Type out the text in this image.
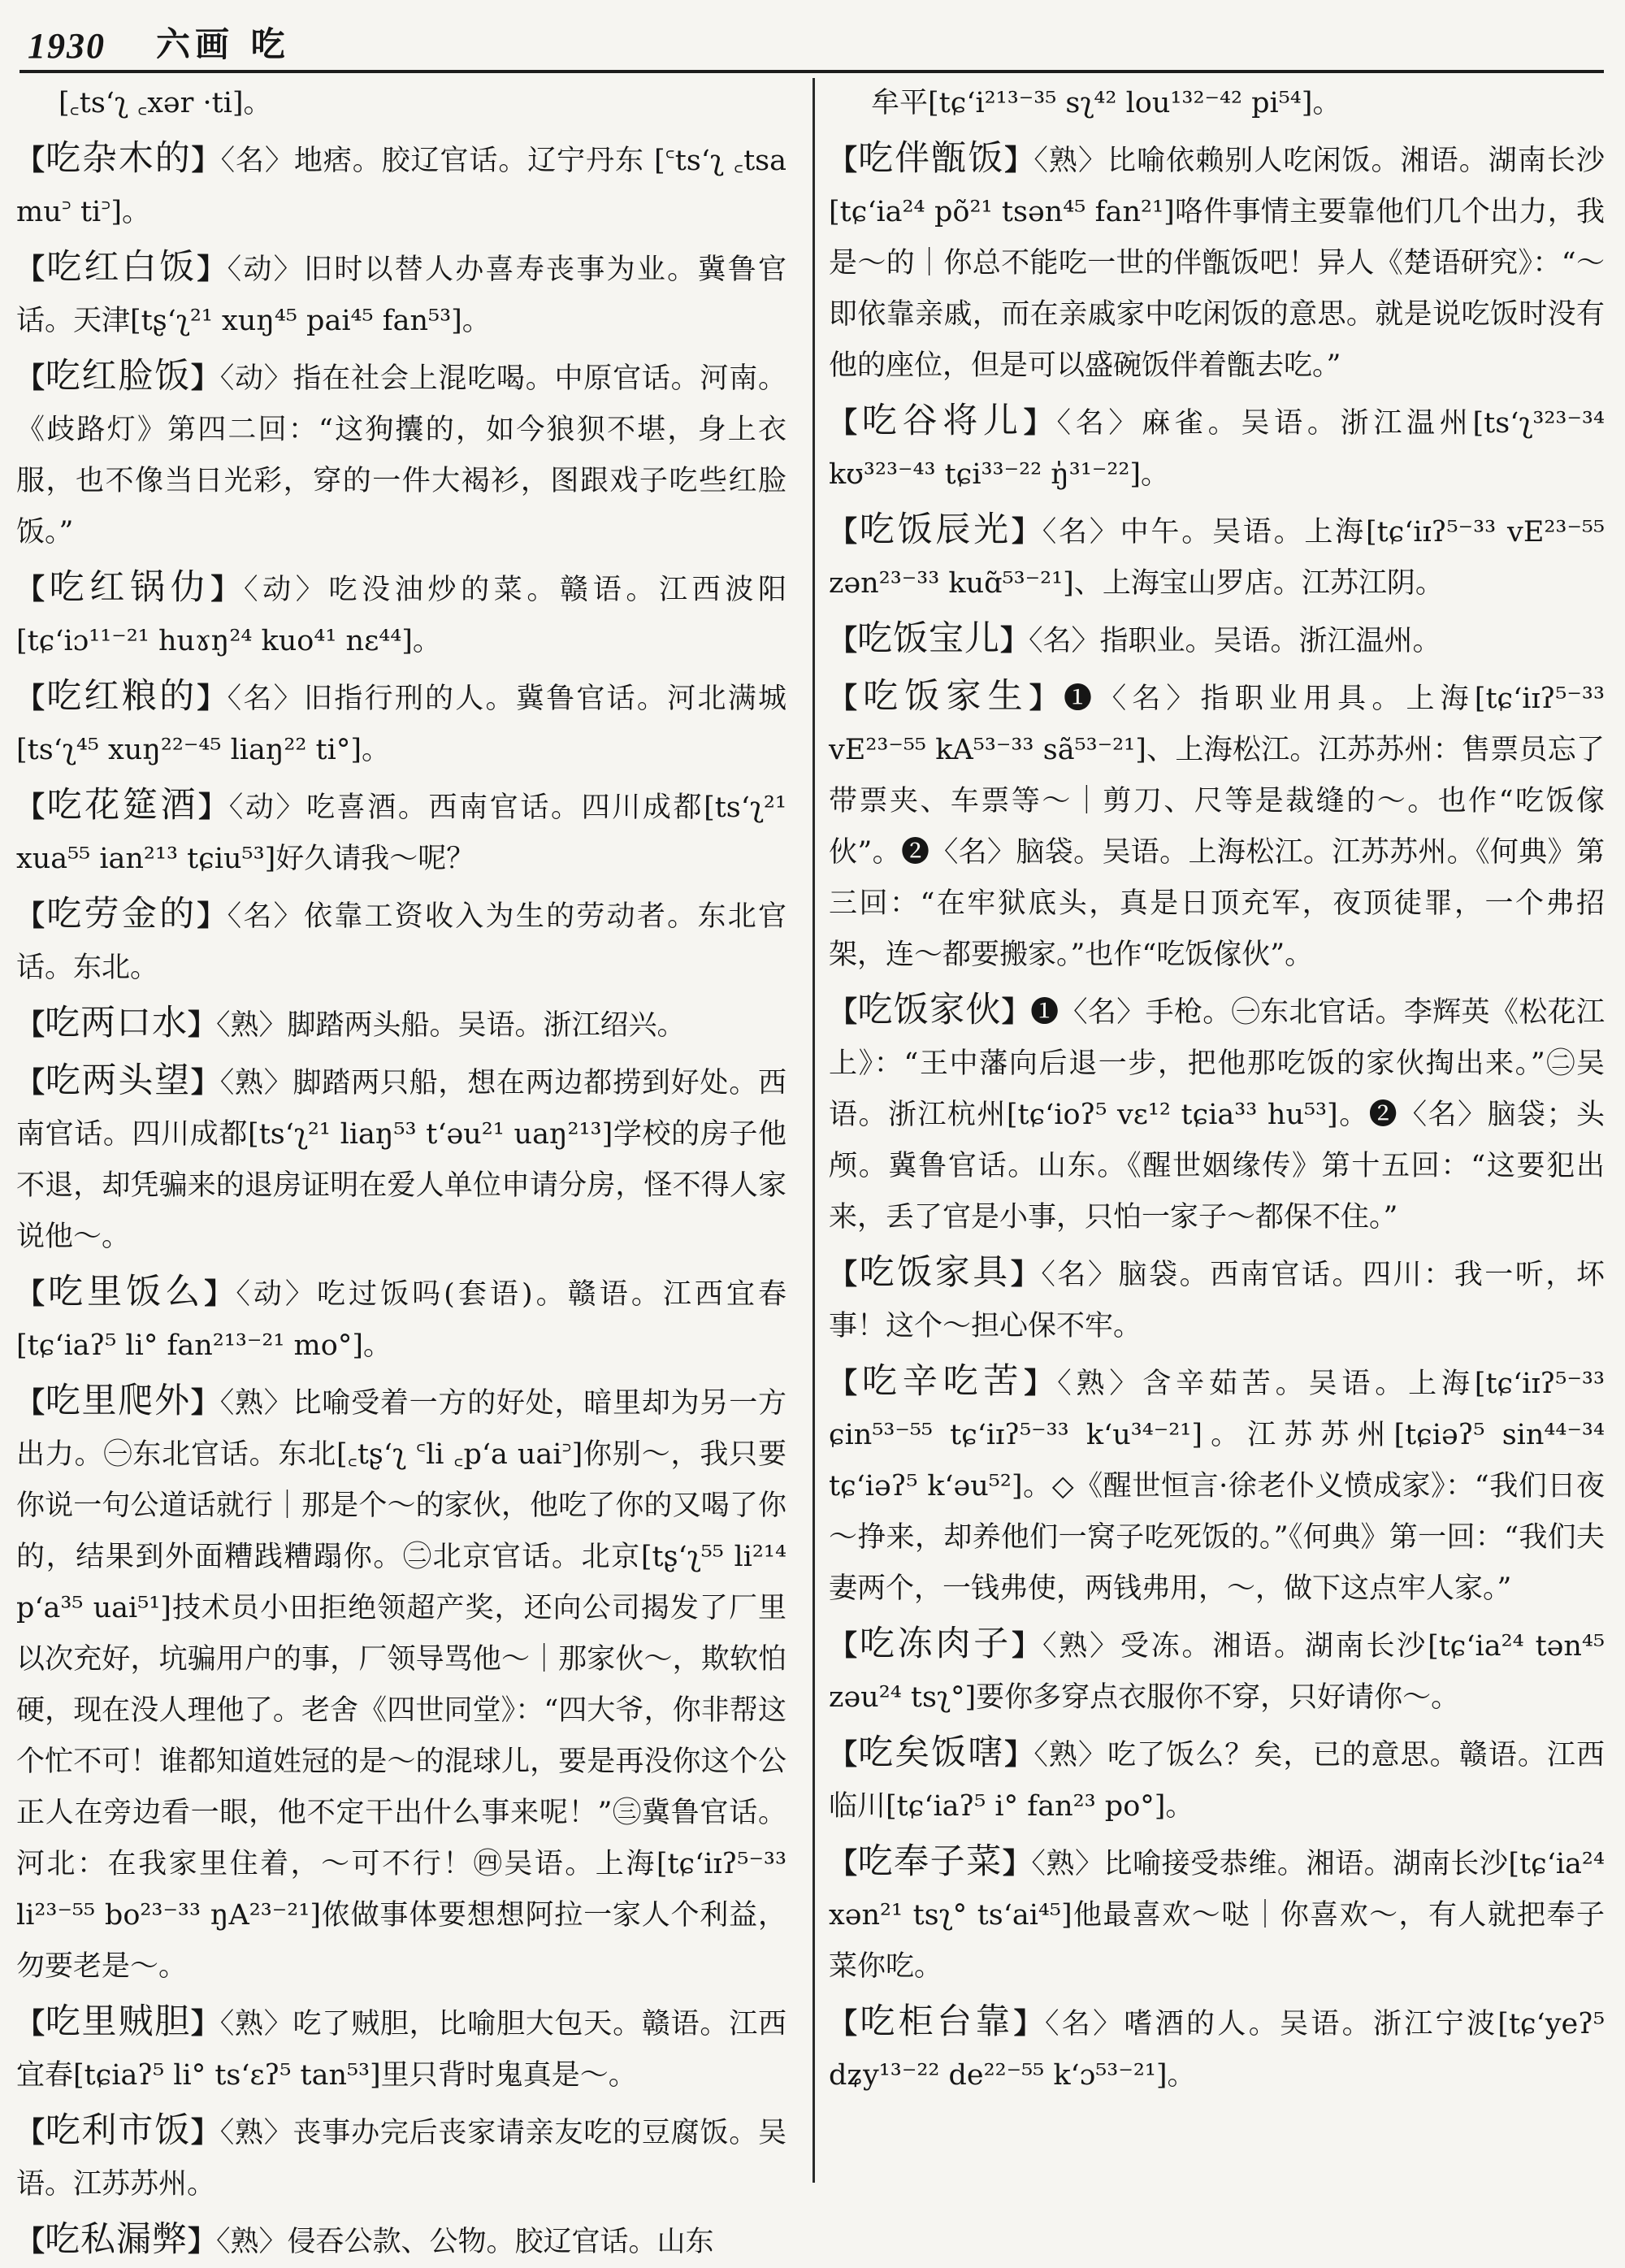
1930 六画 吃
[꜀ts‘ʅ ꜀xər ·ti]。
【吃杂木的】〈名〉地痞。胶辽官话。辽宁丹东 [꜂ts‘ʅ ꜀tsa mu꜄ ti꜄]。
【吃红白饭】〈动〉旧时以替人办喜寿丧事为业。冀鲁官话。天津[tʂ‘ʅ²¹ xuŋ⁴⁵ pai⁴⁵ fan⁵³]。
【吃红脸饭】〈动〉指在社会上混吃喝。中原官话。河南。《歧路灯》第四二回：“这狗攮的，如今狼狈不堪，身上衣服，也不像当日光彩，穿的一件大褐衫，图跟戏子吃些红脸饭。”
【吃红锅仂】〈动〉吃没油炒的菜。赣语。江西波阳[tɕ‘iɔ¹¹⁻²¹ huɤŋ²⁴ kuo⁴¹ nɛ⁴⁴]。
【吃红粮的】〈名〉旧指行刑的人。冀鲁官话。河北满城[ts‘ʅ⁴⁵ xuŋ²²⁻⁴⁵ liaŋ²² ti°]。
【吃花筵酒】〈动〉吃喜酒。西南官话。四川成都[ts‘ʅ²¹ xua⁵⁵ ian²¹³ tɕiu⁵³]好久请我～呢？
【吃劳金的】〈名〉依靠工资收入为生的劳动者。东北官话。东北。
【吃两口水】〈熟〉脚踏两头船。吴语。浙江绍兴。
【吃两头望】〈熟〉脚踏两只船，想在两边都捞到好处。西南官话。四川成都[ts‘ʅ²¹ liaŋ⁵³ t‘əu²¹ uaŋ²¹³]学校的房子他不退，却凭骗来的退房证明在爱人单位申请分房，怪不得人家说他～。
【吃里饭么】〈动〉吃过饭吗(套语)。赣语。江西宜春[tɕ‘iaʔ⁵ li° fan²¹³⁻²¹ mo°]。
【吃里爬外】〈熟〉比喻受着一方的好处，暗里却为另一方出力。㊀东北官话。东北[꜀tʂ‘ʅ ꜂li ꜀p‘a uai꜄]你别～，我只要你说一句公道话就行｜那是个～的家伙，他吃了你的又喝了你的，结果到外面糟践糟蹋你。㊁北京官话。北京[tʂ‘ʅ⁵⁵ li²¹⁴ p‘a³⁵ uai⁵¹]技术员小田拒绝领超产奖，还向公司揭发了厂里以次充好，坑骗用户的事，厂领导骂他～｜那家伙～，欺软怕硬，现在没人理他了。老舍《四世同堂》：“四大爷，你非帮这个忙不可！谁都知道姓冠的是～的混球儿，要是再没你这个公正人在旁边看一眼，他不定干出什么事来呢！”㊂冀鲁官话。河北：在我家里住着，～可不行！㊃吴语。上海[tɕ‘iɪʔ⁵⁻³³ li²³⁻⁵⁵ bo²³⁻³³ ŋA²³⁻²¹]侬做事体要想想阿拉一家人个利益，勿要老是～。
【吃里贼胆】〈熟〉吃了贼胆，比喻胆大包天。赣语。江西宜春[tɕiaʔ⁵ li° ts‘ɛʔ⁵ tan⁵³]里只背时鬼真是～。
【吃利市饭】〈熟〉丧事办完后丧家请亲友吃的豆腐饭。吴语。江苏苏州。
【吃私漏弊】〈熟〉侵吞公款、公物。胶辽官话。山东
牟平[tɕ‘i²¹³⁻³⁵ sʅ⁴² lou¹³²⁻⁴² pi⁵⁴]。
【吃伴甑饭】〈熟〉比喻依赖别人吃闲饭。湘语。湖南长沙[tɕ‘ia²⁴ põ²¹ tsən⁴⁵ fan²¹]咯件事情主要靠他们几个出力，我是～的｜你总不能吃一世的伴甑饭吧！异人《楚语研究》：“～即依靠亲戚，而在亲戚家中吃闲饭的意思。就是说吃饭时没有他的座位，但是可以盛碗饭伴着甑去吃。”
【吃谷将儿】〈名〉麻雀。吴语。浙江温州[ts‘ʅ³²³⁻³⁴ kʊ³²³⁻⁴³ tɕi³³⁻²² ŋ̍³¹⁻²²]。
【吃饭辰光】〈名〉中午。吴语。上海[tɕ‘iɪʔ⁵⁻³³ vE²³⁻⁵⁵ zən²³⁻³³ kuɑ̃⁵³⁻²¹]、上海宝山罗店。江苏江阴。
【吃饭宝儿】〈名〉指职业。吴语。浙江温州。
【吃饭家生】❶〈名〉指职业用具。上海[tɕ‘iɪʔ⁵⁻³³ vE²³⁻⁵⁵ kA⁵³⁻³³ sã⁵³⁻²¹]、上海松江。江苏苏州：售票员忘了带票夹、车票等～｜剪刀、尺等是裁缝的～。也作“吃饭傢伙”。❷〈名〉脑袋。吴语。上海松江。江苏苏州。《何典》第三回：“在牢狱底头，真是日顶充军，夜顶徒罪，一个弗招架，连～都要搬家。”也作“吃饭傢伙”。
【吃饭家伙】❶〈名〉手枪。㊀东北官话。李辉英《松花江上》：“王中藩向后退一步，把他那吃饭的家伙掏出来。”㊁吴语。浙江杭州[tɕ‘ioʔ⁵ vɛ¹² tɕia³³ hu⁵³]。❷〈名〉脑袋；头颅。冀鲁官话。山东。《醒世姻缘传》第十五回：“这要犯出来，丢了官是小事，只怕一家子～都保不住。”
【吃饭家具】〈名〉脑袋。西南官话。四川：我一听，坏事！这个～担心保不牢。
【吃辛吃苦】〈熟〉含辛茹苦。吴语。上海[tɕ‘iɪʔ⁵⁻³³ ɕin⁵³⁻⁵⁵ tɕ‘iɪʔ⁵⁻³³ k‘u³⁴⁻²¹]。江苏苏州[tɕiəʔ⁵ sin⁴⁴⁻³⁴ tɕ‘iəʔ⁵ k‘əu⁵²]。◇《醒世恒言·徐老仆义愤成家》：“我们日夜～挣来，却养他们一窝子吃死饭的。”《何典》第一回：“我们夫妻两个，一钱弗使，两钱弗用，～，做下这点牢人家。”
【吃冻肉子】〈熟〉受冻。湘语。湖南长沙[tɕ‘ia²⁴ tən⁴⁵ zəu²⁴ tsʅ°]要你多穿点衣服你不穿，只好请你～。
【吃矣饭嗐】〈熟〉吃了饭么？矣，已的意思。赣语。江西临川[tɕ‘iaʔ⁵ i° fan²³ po°]。
【吃奉子菜】〈熟〉比喻接受恭维。湘语。湖南长沙[tɕ‘ia²⁴ xən²¹ tsʅ° ts‘ai⁴⁵]他最喜欢～哒｜你喜欢～，有人就把奉子菜你吃。
【吃柜台靠】〈名〉嗜酒的人。吴语。浙江宁波[tɕ‘yeʔ⁵ dʑy¹³⁻²² de²²⁻⁵⁵ k‘ɔ⁵³⁻²¹]。
